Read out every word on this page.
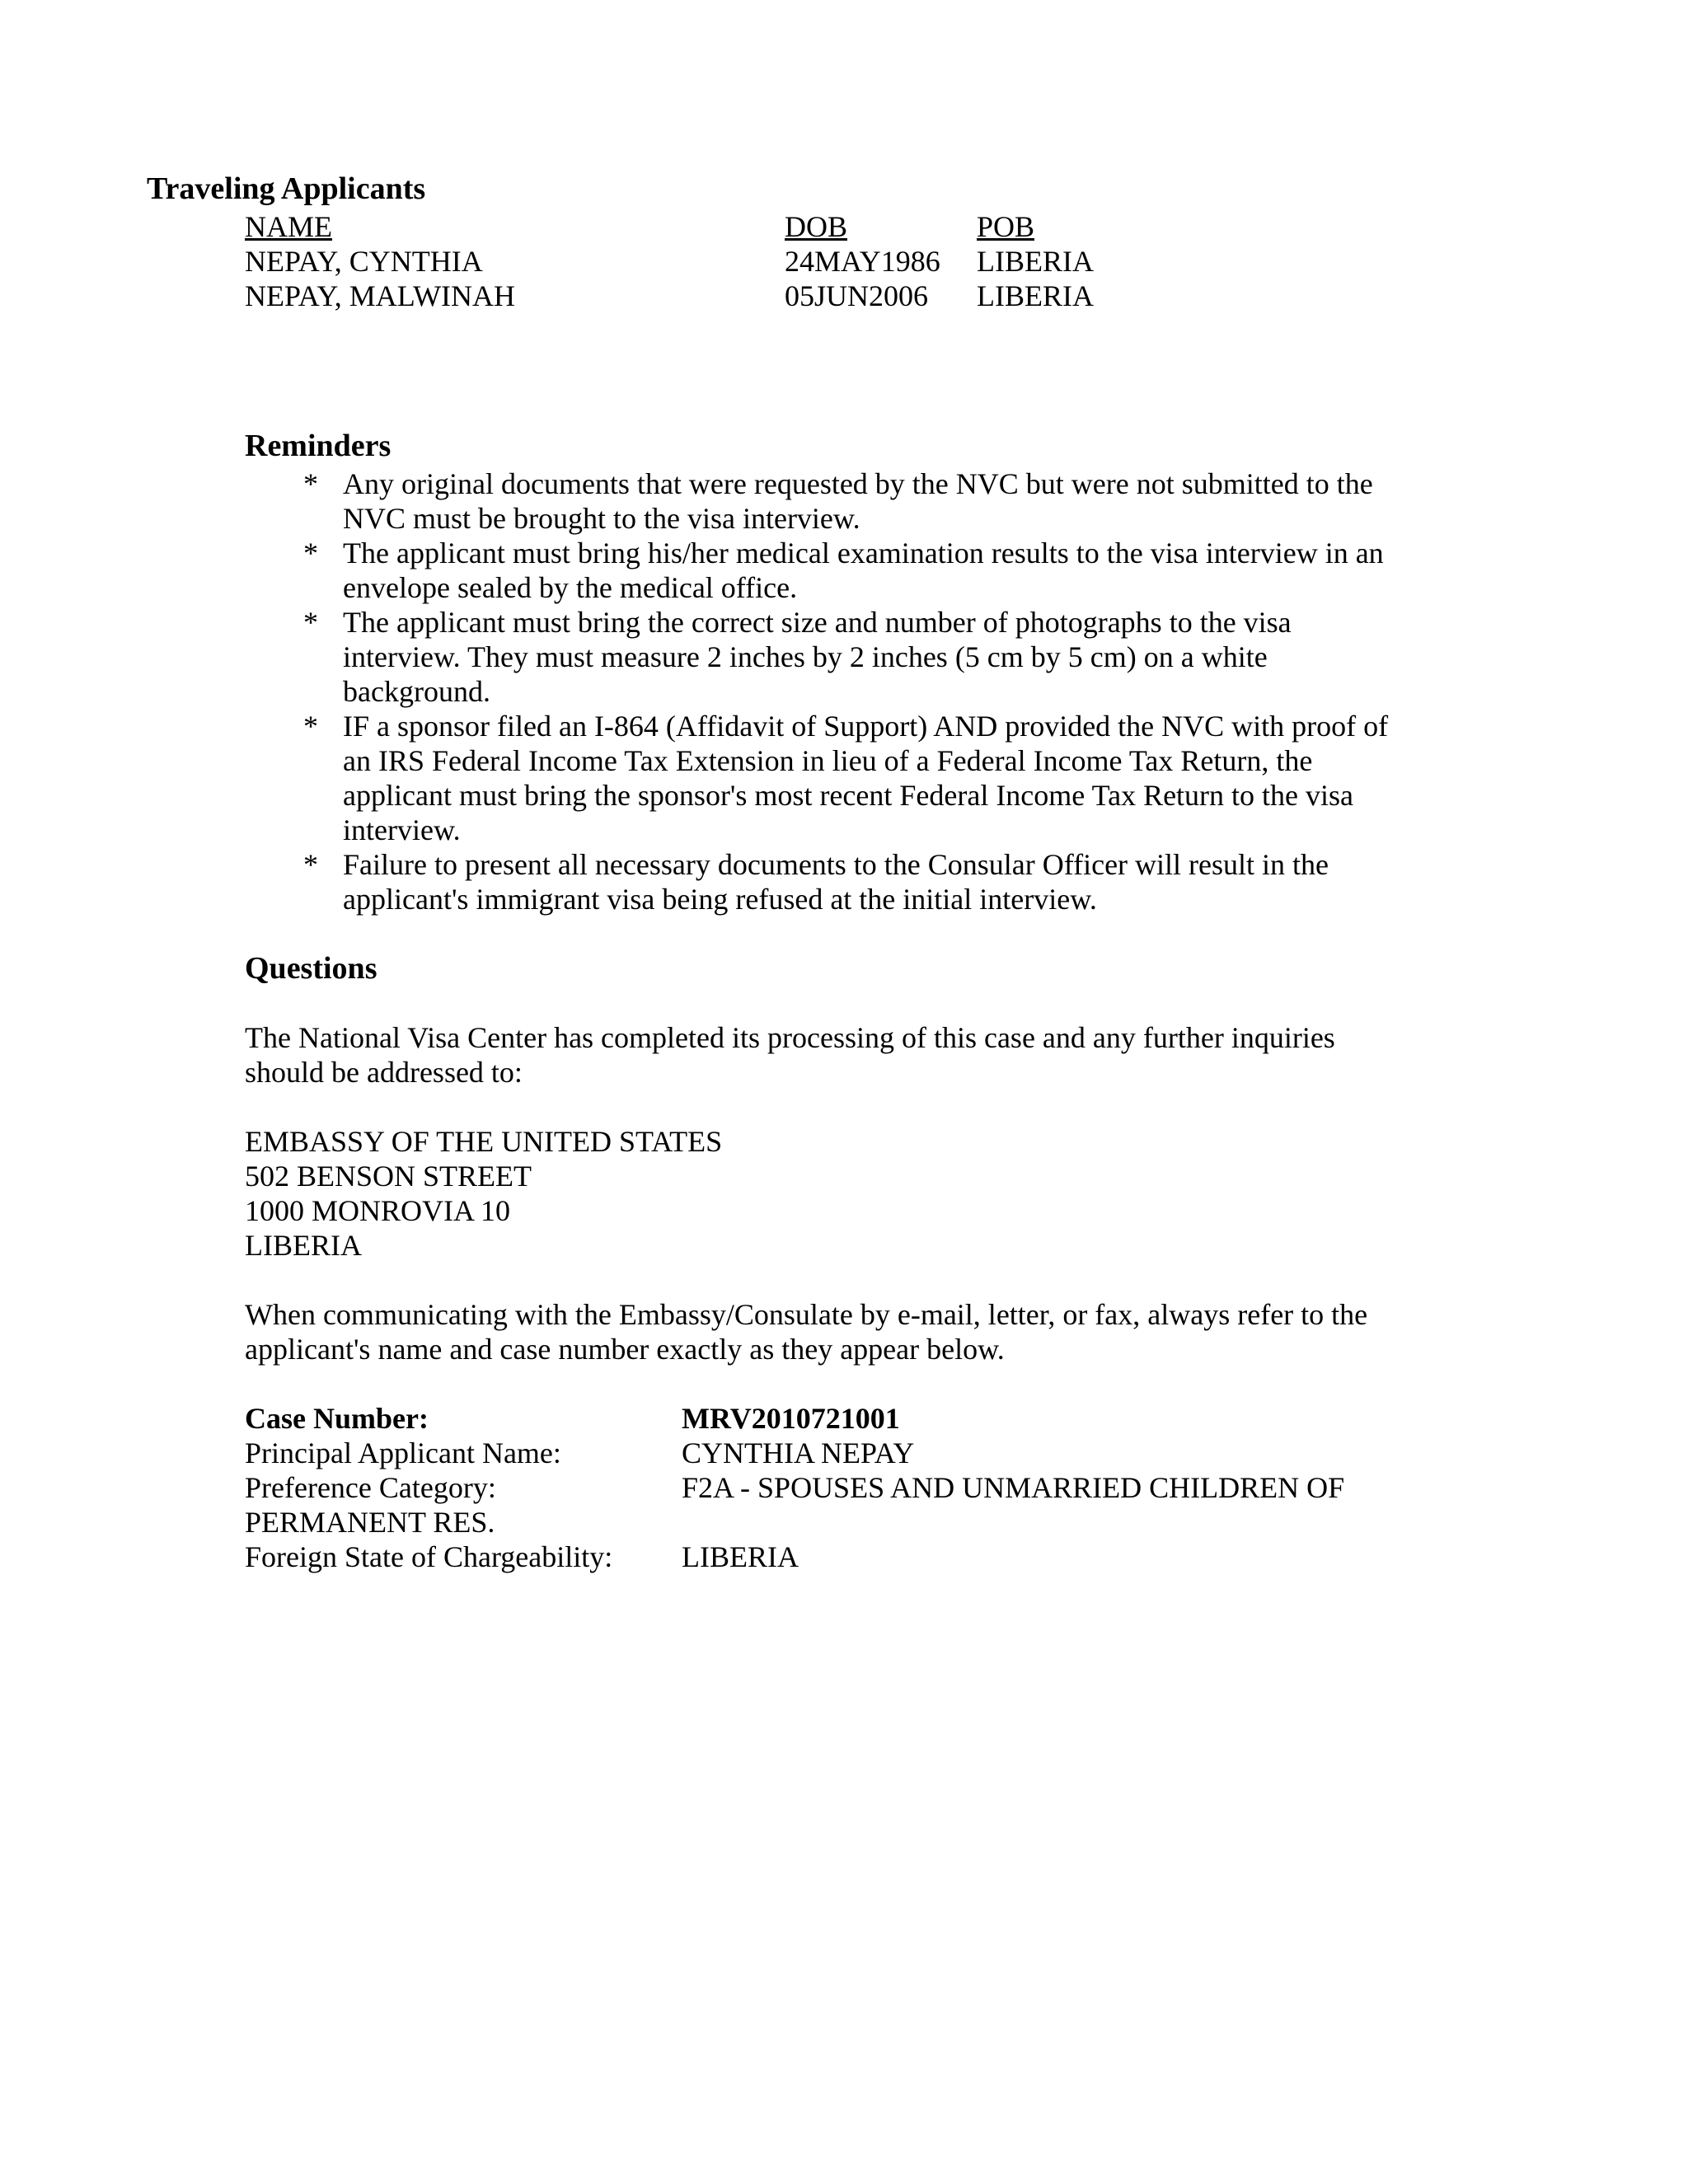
Traveling Applicants
NAME	DOB	POB
NEPAY, CYNTHIA	24MAY1986 LIBERIA
NEPAY, MALWINAH	05JUN2006 LIBERIA
Reminders
* Any original documents that were requested by the NVC but were not submitted to the
NVC must be brought to the visa interview.
* The applicant must bring his/her medical examination results to the visa interview in an
envelope sealed by the medical office.
* The applicant must bring the correct size and number of photographs to the visa
interview. They must measure 2 inches by 2 inches (5 cm by 5 cm) on a white
background.
* IF a sponsor filed an I-864 (Affidavit of Support) AND provided the NVC with proof of
an IRS Federal Income Tax Extension in lieu of a Federal Income Tax Return, the
applicant must bring the sponsor's most recent Federal Income Tax Return to the visa
interview.
* Failure to present all necessary documents to the Consular Officer will result in the
applicant's immigrant visa being refused at the initial interview.
Questions
The National Visa Center has completed its processing of this case and any further inquiries
should be addressed to:
EMBASSY OF THE UNITED STATES
502 BENSON STREET
1000 MONROVIA 10
LIBERIA
When communicating with the Embassy/Consulate by e-mail, letter, or fax, always refer to the
applicant's name and case number exactly as they appear below.
Case Number:	MRV2010721001
Principal Applicant Name:	CYNTHIA NEPAY
Preference Category:	F2A - SPOUSES AND UNMARRIED CHILDREN OF
PERMANENT RES.
Foreign State of Chargeability: LIBERIA
